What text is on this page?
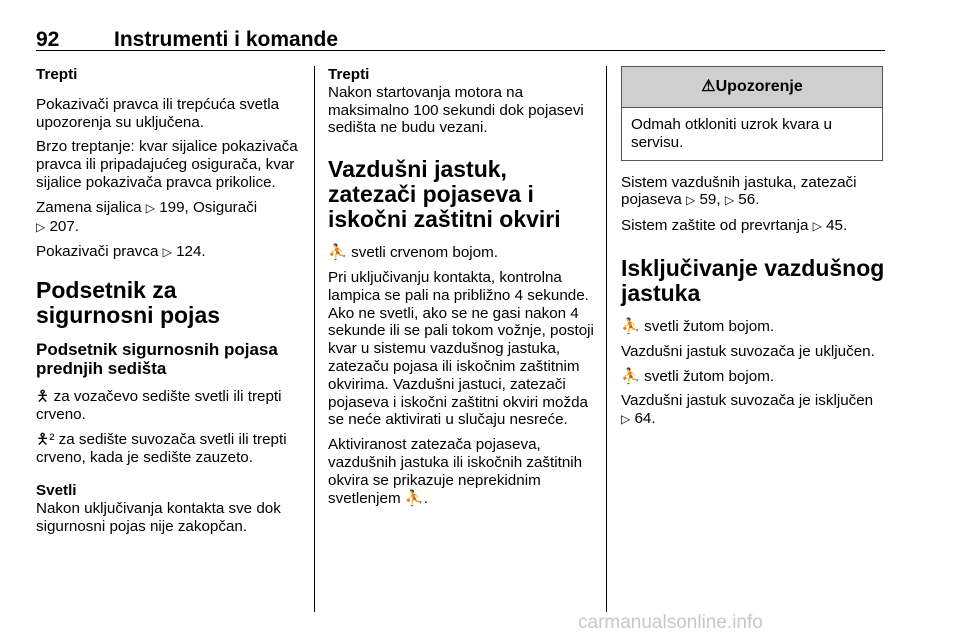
92	Instrumenti i komande

Trepti

Pokazivači pravca ili trepćuća svetla upozorenja su uključena.

Brzo treptanje: kvar sijalice pokazivača pravca ili pripadajućeg osigurača, kvar sijalice pokazivača pravca prikolice.

Zamena sijalica ▷ 199, Osigurači
▷ 207.

Pokazivači pravca ▷ 124.

Podsetnik za sigurnosni pojas
Podsetnik sigurnosnih pojasa prednjih sedišta

🯅 za vozačevo sedište svetli ili trepti crveno.

🯅² za sedište suvozača svetli ili trepti crveno, kada je sedište zauzeto.

Svetli

Nakon uključivanja kontakta sve dok sigurnosni pojas nije zakopčan.

Trepti

Nakon startovanja motora na maksimalno 100 sekundi dok pojasevi sedišta ne budu vezani.

Vazdušni jastuk, zatezači pojaseva i iskočni zaštitni okviri

⛹ svetli crvenom bojom.

Pri uključivanju kontakta, kontrolna lampica se pali na približno 4 sekunde. Ako ne svetli, ako se ne gasi nakon 4 sekunde ili se pali tokom vožnje, postoji kvar u sistemu vazdušnog jastuka, zatezaču pojasa ili iskočnim zaštitnim okvirima. Vazdušni jastuci, zatezači pojaseva i iskočni zaštitni okviri možda se neće aktivirati u slučaju nesreće.

Aktiviranost zatezača pojaseva, vazdušnih jastuka ili iskočnih zaštitnih okvira se prikazuje neprekidnim svetlenjem ⛹.

⚠Upozorenje
Odmah otkloniti uzrok kvara u servisu.

Sistem vazdušnih jastuka, zatezači pojaseva ▷ 59, ▷ 56.

Sistem zaštite od prevrtanja ▷ 45.

Isključivanje vazdušnog jastuka

⛹ svetli žutom bojom.

Vazdušni jastuk suvozača je uključen.

⛹ svetli žutom bojom.

Vazdušni jastuk suvozača je isključen ▷ 64.

carmanualsonline.info
